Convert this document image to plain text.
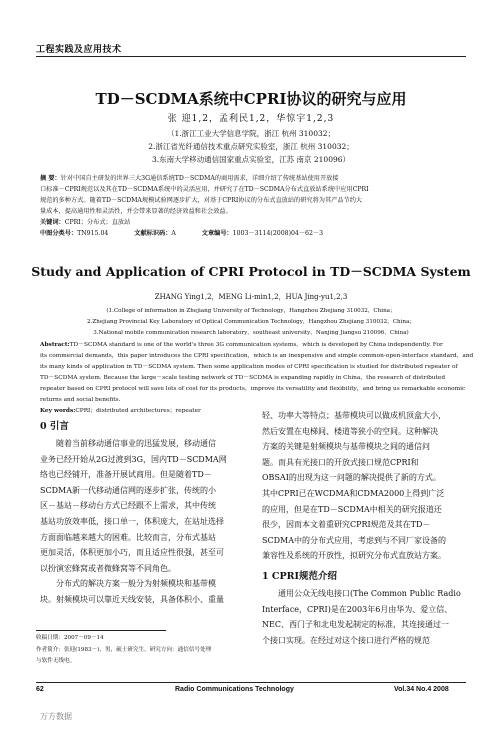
工程实践及应用技术
TD－SCDMA系统中CPRI协议的研究与应用
张 迎1,2，孟利民1,2，华惊宇1,2,3
（1.浙江工业大学信息学院，浙江 杭州 310032；
2.浙江省光纤通信技术重点研究实验室，浙江 杭州 310032；
3.东南大学移动通信国家重点实验室，江苏 南京 210096）
摘 要：针对中国自主研发的世界三大3G通信系统TD－SCDMA的商用需求，详细介绍了传统基站使用开放接
口标准－CPRI规范以及其在TD－SCDMA系统中的灵活应用，并研究了在TD－SCDMA分布式直放站系统中应用CPRI
规范的多种方式。随着TD－SCDMA规模试验网逐步扩大，对基于CPRI协议的分布式直放站的研究将为其产品节约大
量成本，提高通用性和灵活性，并会带来显著的经济效益和社会效益。
关键词：CPRI；分布式；直放站
中图分类号：TN915.04	文献标识码：A	文章编号：1003－3114(2008)04－62－3
Study and Application of CPRI Protocol in TD－SCDMA System
ZHANG Ying1,2，MENG Li-min1,2，HUA Jing-yu1,2,3
(1.College of information in Zhejiang University of Technology，Hangzhou Zhejiang 310032，China；
2.Zhejiang Provincial Key Laboratory of Optical Communication Technology，Hangzhou Zhejiang 310032，China；
3.National mobile communication research laboratory，southeast university，Nanjing Jiangsu 210096，China)
Abstract:TD－SCDMA standard is one of the world's three 3G communication systems，which is developed by China independently. For
its commercial demands，this paper introduces the CPRI specification，which is an inexpensive and simple common-open-interface standard，and
its many kinds of application in TD－SCDMA system. Then some application modes of CPRI specification is studied for distributed repeater of
TD－SCDMA system. Because the large－scale testing network of TD－SCDMA is expanding rapidly in China，the research of distributed
repeater based on CPRI protocol will save lots of cost for its products，improve its versatility and flexibility，and bring us remarkable economic
returns and social benefits.
Key words:CPRI；distributed architectures；repeater
0 引言
随着当前移动通信事业的迅猛发展，移动通信
业务已经开始从2G过渡到3G，国内TD－SCDMA网
络也已经铺开，准备开展试商用。但是随着TD－
SCDMA新一代移动通信网的逐步扩张，传统的小
区－基站－移动台方式已经跟不上需求，其中传统
基站功放效率低，接口单一，体积庞大，在站址选择
方面面临越来越大的困难。比较而言，分布式基站
更加灵活，体积更加小巧，而且适应性很强，甚至可
以扮演宏蜂窝或者微蜂窝等不同角色。
分布式的解决方案一般分为射频模块和基带模
块。射频模块可以靠近天线安装，具备体积小、重量
收稿日期：2007－09－14
作者简介：张迎(1983－)，男，硕士研究生。研究方向：通信信号处理
与软件无线电。
轻、功率大等特点；基带模块可以做成机顶盒大小，
然后安置在电梯间、楼道等狭小的空间。这种解决
方案的关键是射频模块与基带模块之间的通信问
题。而具有光接口的开放式接口规范CPRI和
OBSAI的出现为这一问题的解决提供了新的方式。
其中CPRI已在WCDMA和CDMA2000上得到广泛
的应用，但是在TD－SCDMA中相关的研究报道还
很少，因而本文着重研究CPRI规范及其在TD－
SCDMA中的分布式应用，考虑到与不同厂家设备的
兼容性及系统的开放性，拟研究分布式直放站方案。
1 CPRI规范介绍
通用公众无线电接口(The Common Public Radio
Interface，CPRI)是在2003年6月由华为、爱立信、
NEC、西门子和北电发起制定的标准，其连接通过一
个接口实现。在经过对这个接口进行严格的规范
62	Radio Communications Technology	Vol.34 No.4 2008
万方数据
